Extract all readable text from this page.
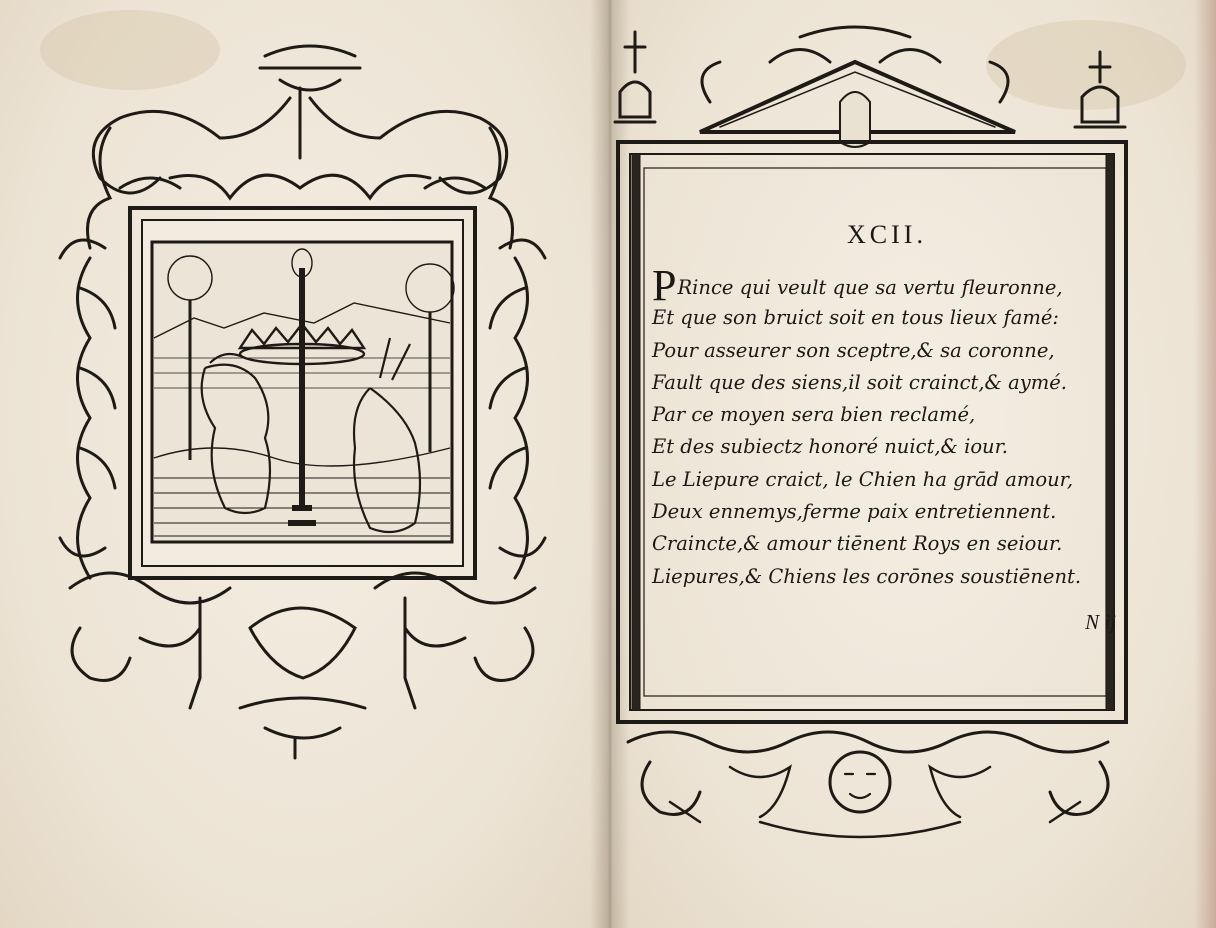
XCII.
PRince qui veult que sa vertu fleuronne,
Et que son bruict soit en tous lieux famé:
Pour asseurer son sceptre,& sa coronne,
Fault que des siens,il soit crainct,& aymé.
Par ce moyen sera bien reclamé,
Et des subiectz honoré nuict,& iour.
Le Liepure craict, le Chien ha grād amour,
Deux ennemys,ferme paix entretiennent.
Craincte,& amour tiēnent Roys en seiour.
Liepures,& Chiens les corōnes soustiēnent.
N ij
